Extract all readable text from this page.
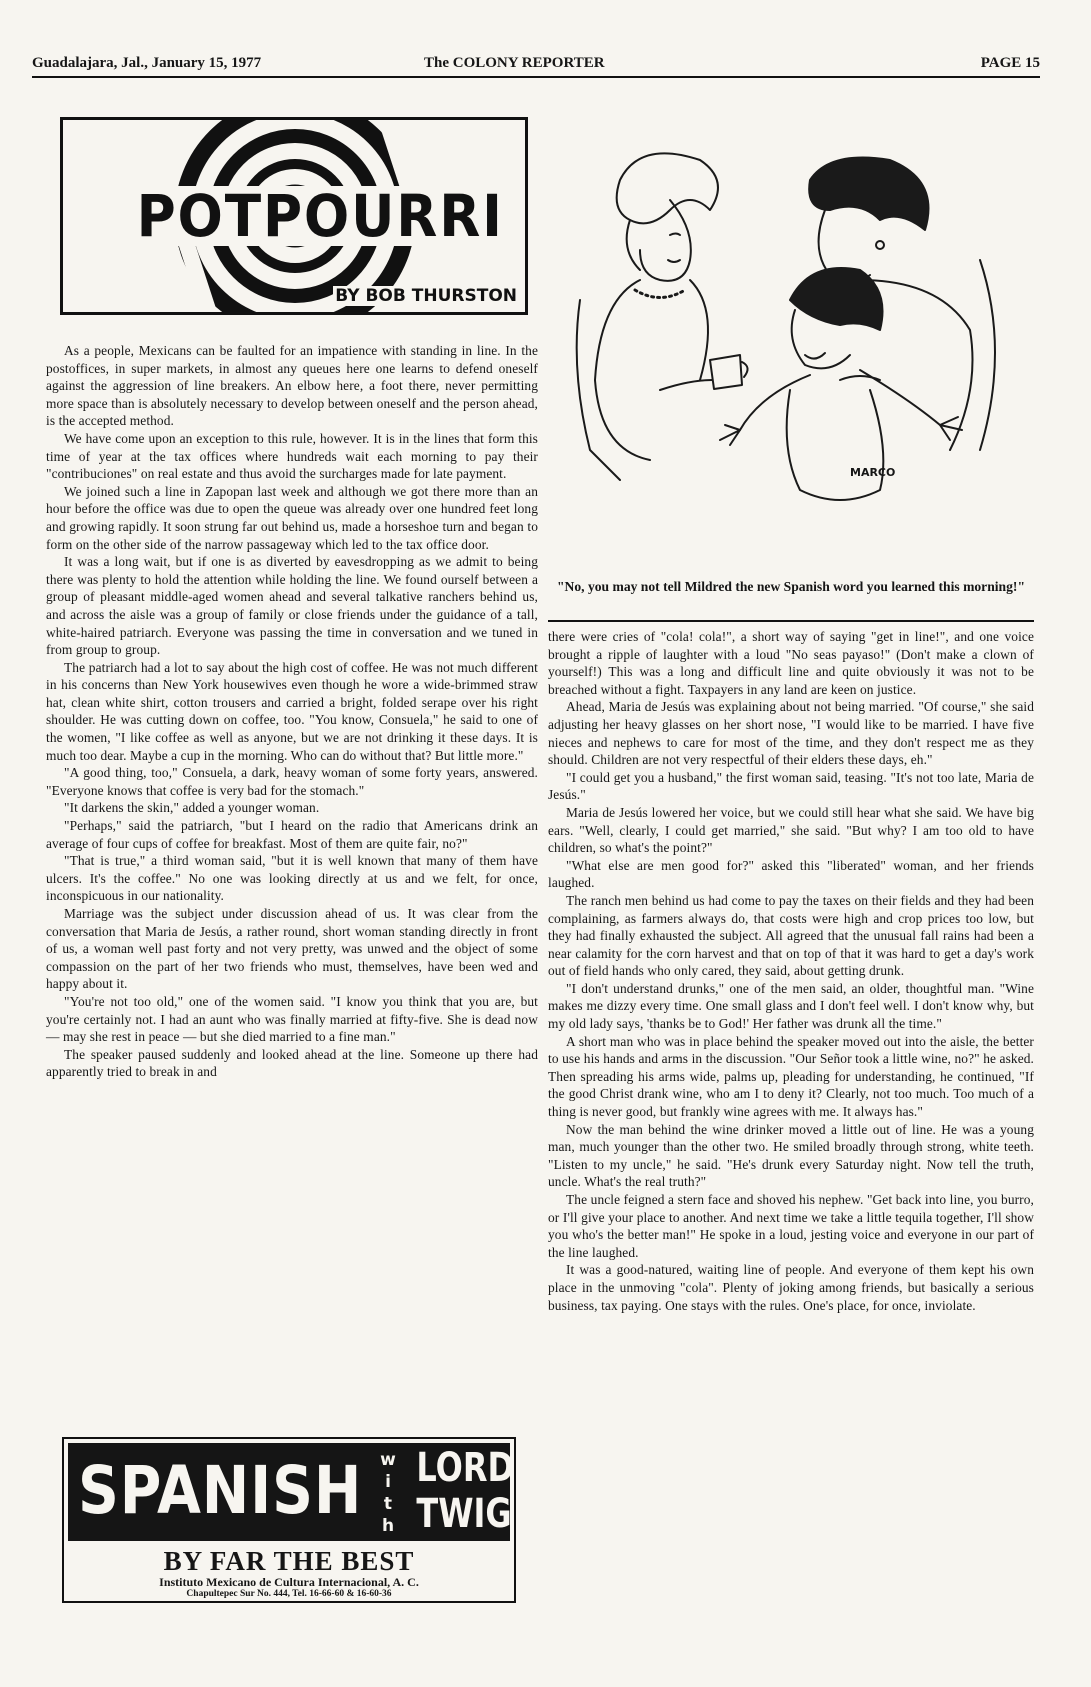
Guadalajara, Jal., January 15, 1977	The COLONY REPORTER	PAGE 15
POTPOURRI
BY BOB THURSTON

As a people, Mexicans can be faulted for an impatience with standing in line. In the postoffices, in super markets, in almost any queues here one learns to defend oneself against the aggression of line breakers. An elbow here, a foot there, never permitting more space than is absolutely necessary to develop between oneself and the person ahead, is the accepted method.

We have come upon an exception to this rule, however. It is in the lines that form this time of year at the tax offices where hundreds wait each morning to pay their "contribuciones" on real estate and thus avoid the surcharges made for late payment.

We joined such a line in Zapopan last week and although we got there more than an hour before the office was due to open the queue was already over one hundred feet long and growing rapidly. It soon strung far out behind us, made a horseshoe turn and began to form on the other side of the narrow passageway which led to the tax office door.

It was a long wait, but if one is as diverted by eavesdropping as we admit to being there was plenty to hold the attention while holding the line. We found ourself between a group of pleasant middle-aged women ahead and several talkative ranchers behind us, and across the aisle was a group of family or close friends under the guidance of a tall, white-haired patriarch. Everyone was passing the time in conversation and we tuned in from group to group.

The patriarch had a lot to say about the high cost of coffee. He was not much different in his concerns than New York housewives even though he wore a wide-brimmed straw hat, clean white shirt, cotton trousers and carried a bright, folded serape over his right shoulder. He was cutting down on coffee, too. "You know, Consuela," he said to one of the women, "I like coffee as well as anyone, but we are not drinking it these days. It is much too dear. Maybe a cup in the morning. Who can do without that? But little more."

"A good thing, too," Consuela, a dark, heavy woman of some forty years, answered. "Everyone knows that coffee is very bad for the stomach."

"It darkens the skin," added a younger woman.

"Perhaps," said the patriarch, "but I heard on the radio that Americans drink an average of four cups of coffee for breakfast. Most of them are quite fair, no?"

"That is true," a third woman said, "but it is well known that many of them have ulcers. It's the coffee." No one was looking directly at us and we felt, for once, inconspicuous in our nationality.

Marriage was the subject under discussion ahead of us. It was clear from the conversation that Maria de Jesús, a rather round, short woman standing directly in front of us, a woman well past forty and not very pretty, was unwed and the object of some compassion on the part of her two friends who must, themselves, have been wed and happy about it.

"You're not too old," one of the women said. "I know you think that you are, but you're certainly not. I had an aunt who was finally married at fifty-five. She is dead now — may she rest in peace — but she died married to a fine man."

The speaker paused suddenly and looked ahead at the line. Someone up there had apparently tried to break in and

MARCO
"No, you may not tell Mildred the new Spanish word you learned this morning!"

there were cries of "cola! cola!", a short way of saying "get in line!", and one voice brought a ripple of laughter with a loud "No seas payaso!" (Don't make a clown of yourself!) This was a long and difficult line and quite obviously it was not to be breached without a fight. Taxpayers in any land are keen on justice.

Ahead, Maria de Jesús was explaining about not being married. "Of course," she said adjusting her heavy glasses on her short nose, "I would like to be married. I have five nieces and nephews to care for most of the time, and they don't respect me as they should. Children are not very respectful of their elders these days, eh."

"I could get you a husband," the first woman said, teasing. "It's not too late, Maria de Jesús."

Maria de Jesús lowered her voice, but we could still hear what she said. We have big ears. "Well, clearly, I could get married," she said. "But why? I am too old to have children, so what's the point?"

"What else are men good for?" asked this "liberated" woman, and her friends laughed.

The ranch men behind us had come to pay the taxes on their fields and they had been complaining, as farmers always do, that costs were high and crop prices too low, but they had finally exhausted the subject. All agreed that the unusual fall rains had been a near calamity for the corn harvest and that on top of that it was hard to get a day's work out of field hands who only cared, they said, about getting drunk.

"I don't understand drunks," one of the men said, an older, thoughtful man. "Wine makes me dizzy every time. One small glass and I don't feel well. I don't know why, but my old lady says, 'thanks be to God!' Her father was drunk all the time."

A short man who was in place behind the speaker moved out into the aisle, the better to use his hands and arms in the discussion. "Our Señor took a little wine, no?" he asked. Then spreading his arms wide, palms up, pleading for understanding, he continued, "If the good Christ drank wine, who am I to deny it? Clearly, not too much. Too much of a thing is never good, but frankly wine agrees with me. It always has."

Now the man behind the wine drinker moved a little out of line. He was a young man, much younger than the other two. He smiled broadly through strong, white teeth. "Listen to my uncle," he said. "He's drunk every Saturday night. Now tell the truth, uncle. What's the real truth?"

The uncle feigned a stern face and shoved his nephew. "Get back into line, you burro, or I'll give your place to another. And next time we take a little tequila together, I'll show you who's the better man!" He spoke in a loud, jesting voice and everyone in our part of the line laughed.

It was a good-natured, waiting line of people. And everyone of them kept his own place in the unmoving "cola". Plenty of joking among friends, but basically a serious business, tax paying. One stays with the rules. One's place, for once, inviolate.

SPANISH w
i
t
h
LORD
TWIG
BY FAR THE BEST
Instituto Mexicano de Cultura Internacional, A. C.
Chapultepec Sur No. 444, Tel. 16-66-60 & 16-60-36
